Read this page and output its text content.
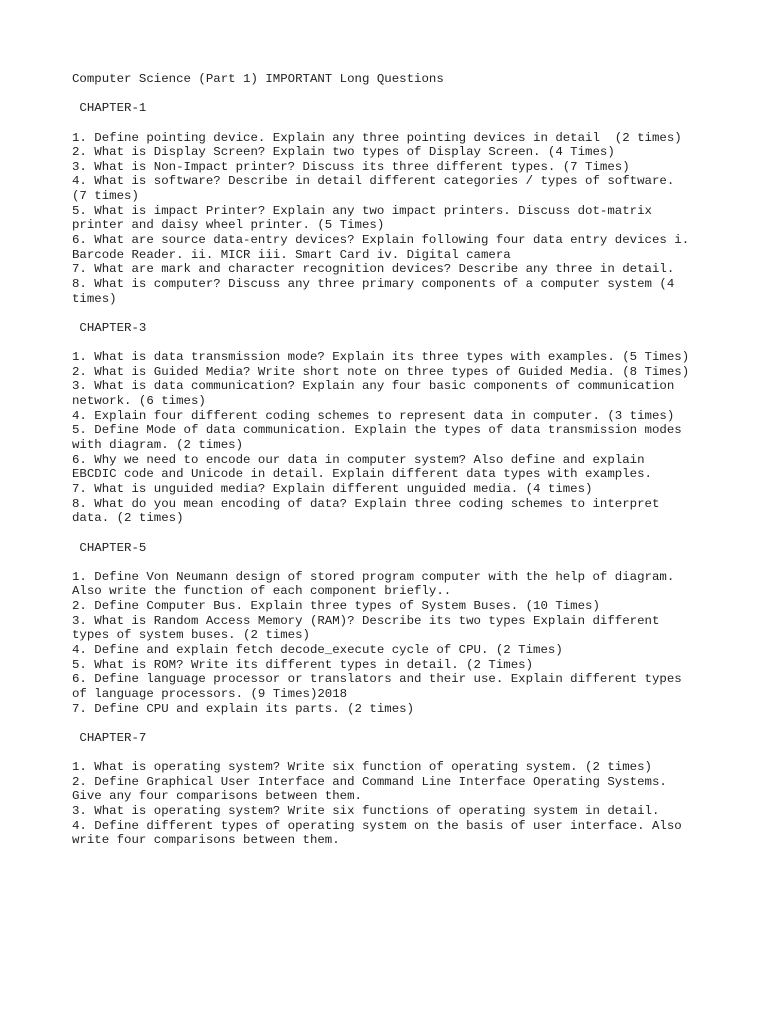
Computer Science (Part 1) IMPORTANT Long Questions
CHAPTER-1
1. Define pointing device. Explain any three pointing devices in detail  (2 times)
2. What is Display Screen? Explain two types of Display Screen. (4 Times)
3. What is Non-Impact printer? Discuss its three different types. (7 Times)
4. What is software? Describe in detail different categories / types of software.
(7 times)
5. What is impact Printer? Explain any two impact printers. Discuss dot-matrix
printer and daisy wheel printer. (5 Times)
6. What are source data-entry devices? Explain following four data entry devices i.
Barcode Reader. ii. MICR iii. Smart Card iv. Digital camera
7. What are mark and character recognition devices? Describe any three in detail.
8. What is computer? Discuss any three primary components of a computer system (4
times)
CHAPTER-3
1. What is data transmission mode? Explain its three types with examples. (5 Times)
2. What is Guided Media? Write short note on three types of Guided Media. (8 Times)
3. What is data communication? Explain any four basic components of communication
network. (6 times)
4. Explain four different coding schemes to represent data in computer. (3 times)
5. Define Mode of data communication. Explain the types of data transmission modes
with diagram. (2 times)
6. Why we need to encode our data in computer system? Also define and explain
EBCDIC code and Unicode in detail. Explain different data types with examples.
7. What is unguided media? Explain different unguided media. (4 times)
8. What do you mean encoding of data? Explain three coding schemes to interpret
data. (2 times)
CHAPTER-5
1. Define Von Neumann design of stored program computer with the help of diagram.
Also write the function of each component briefly..
2. Define Computer Bus. Explain three types of System Buses. (10 Times)
3. What is Random Access Memory (RAM)? Describe its two types Explain different
types of system buses. (2 times)
4. Define and explain fetch decode_execute cycle of CPU. (2 Times)
5. What is ROM? Write its different types in detail. (2 Times)
6. Define language processor or translators and their use. Explain different types
of language processors. (9 Times)2018
7. Define CPU and explain its parts. (2 times)
CHAPTER-7
1. What is operating system? Write six function of operating system. (2 times)
2. Define Graphical User Interface and Command Line Interface Operating Systems.
Give any four comparisons between them.
3. What is operating system? Write six functions of operating system in detail.
4. Define different types of operating system on the basis of user interface. Also
write four comparisons between them.
